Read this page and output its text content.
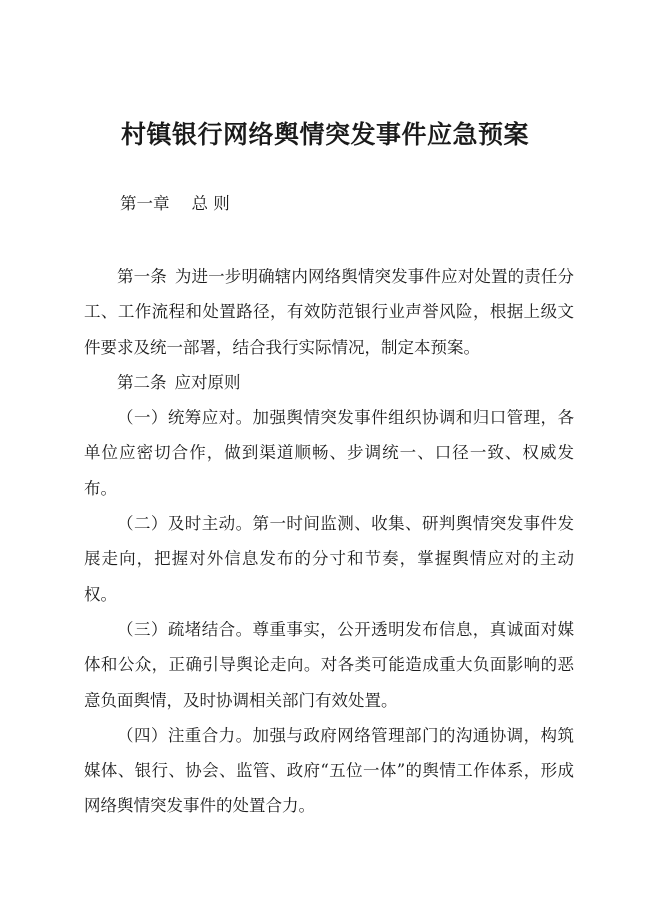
村镇银行网络舆情突发事件应急预案
第一章 总 则

第一条 为进一步明确辖内网络舆情突发事件应对处置的责任分工、工作流程和处置路径，有效防范银行业声誉风险，根据上级文件要求及统一部署，结合我行实际情况，制定本预案。

第二条 应对原则

（一）统筹应对。加强舆情突发事件组织协调和归口管理，各单位应密切合作，做到渠道顺畅、步调统一、口径一致、权威发布。

（二）及时主动。第一时间监测、收集、研判舆情突发事件发展走向，把握对外信息发布的分寸和节奏，掌握舆情应对的主动权。

（三）疏堵结合。尊重事实，公开透明发布信息，真诚面对媒体和公众，正确引导舆论走向。对各类可能造成重大负面影响的恶意负面舆情，及时协调相关部门有效处置。

（四）注重合力。加强与政府网络管理部门的沟通协调，构筑媒体、银行、协会、监管、政府“五位一体”的舆情工作体系，形成网络舆情突发事件的处置合力。
